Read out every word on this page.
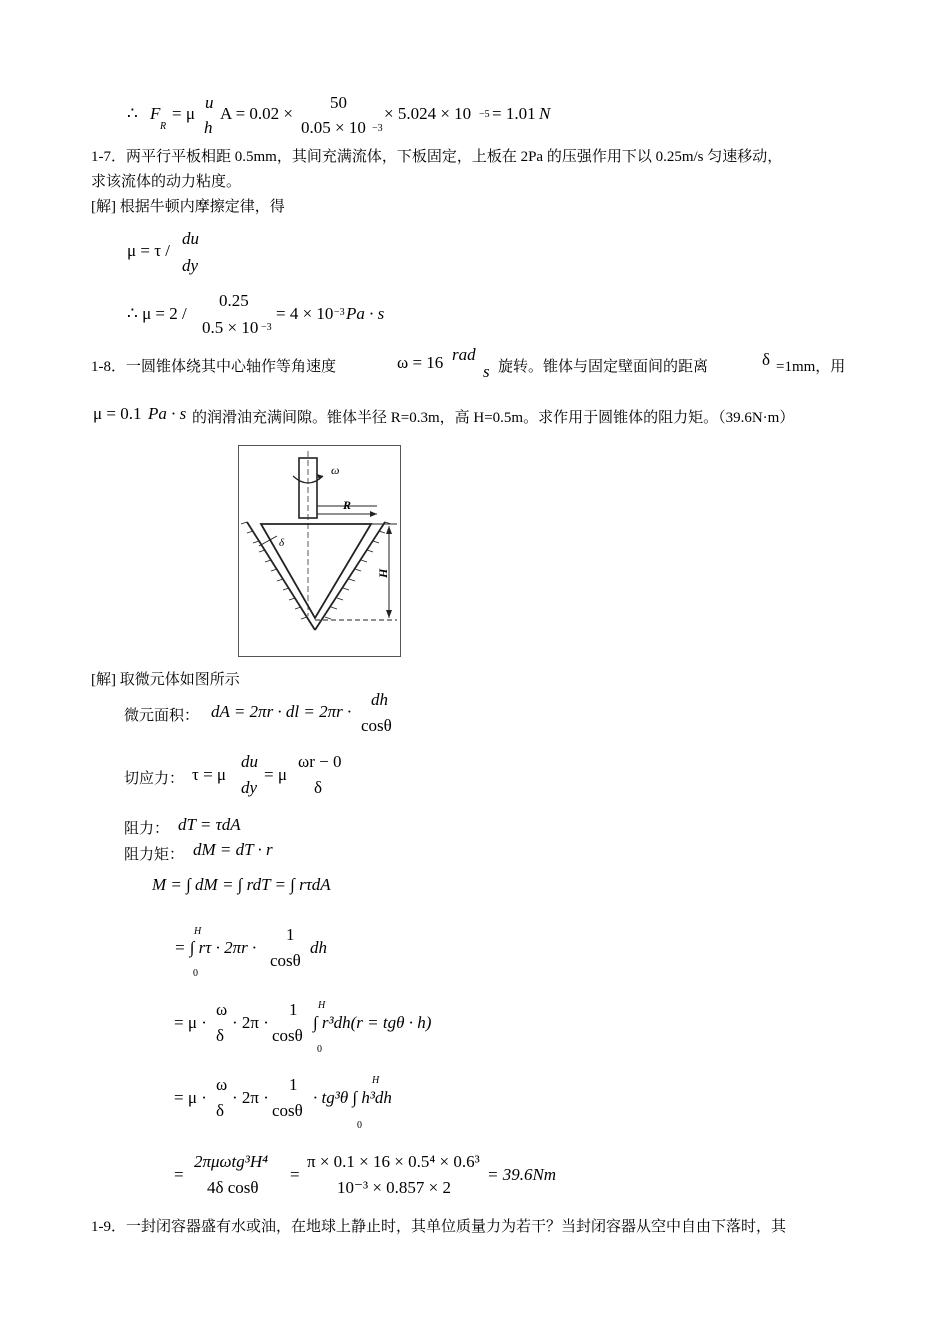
∴ F
R
= μ
u
h
A = 0.02 ×
50
0.05 × 10 −3
× 5.024 × 10 −5 = 1.01 N
1-7．两平行平板相距 0.5mm，其间充满流体，下板固定，上板在 2Pa 的压强作用下以 0.25m/s 匀速移动，
求该流体的动力粘度。
[解] 根据牛顿内摩擦定律，得
μ = τ /
du
dy
∴ μ = 2 /
0.25
0.5 × 10 −3
= 4 × 10 −3 Pa · s
1-8．一圆锥体绕其中心轴作等角速度	ω = 16 rad
s 旋转。锥体与固定壁面间的距离	δ =1mm，用
μ = 0.1 Pa · s 的润滑油充满间隙。锥体半径 R=0.3m，高 H=0.5m。求作用于圆锥体的阻力矩。（39.6N·m）
ω
R
δ
H
[解] 取微元体如图所示
微元面积： dA = 2πr · dl = 2πr ·
dh
cosθ
切应力： τ = μ
du
dy
= μ
ωr − 0
δ
阻力： dT = τdA
阻力矩： dM = dT · r
M = ∫ dM = ∫ rdT = ∫ rτdA
= ∫ rτ · 2πr ·
H
0
1
cosθ
dh
= μ ·
ω
δ
· 2π ·
1
cosθ
∫ r³dh(r = tgθ · h)
H
0
= μ ·
ω
δ
· 2π ·
1
cosθ
· tg³θ ∫ h³dh
H
0
=
2πμωtg³H⁴
4δ cosθ
=
π × 0.1 × 16 × 0.5⁴ × 0.6³
10⁻³ × 0.857 × 2
= 39.6Nm
1-9．一封闭容器盛有水或油，在地球上静止时，其单位质量力为若干？当封闭容器从空中自由下落时，其
